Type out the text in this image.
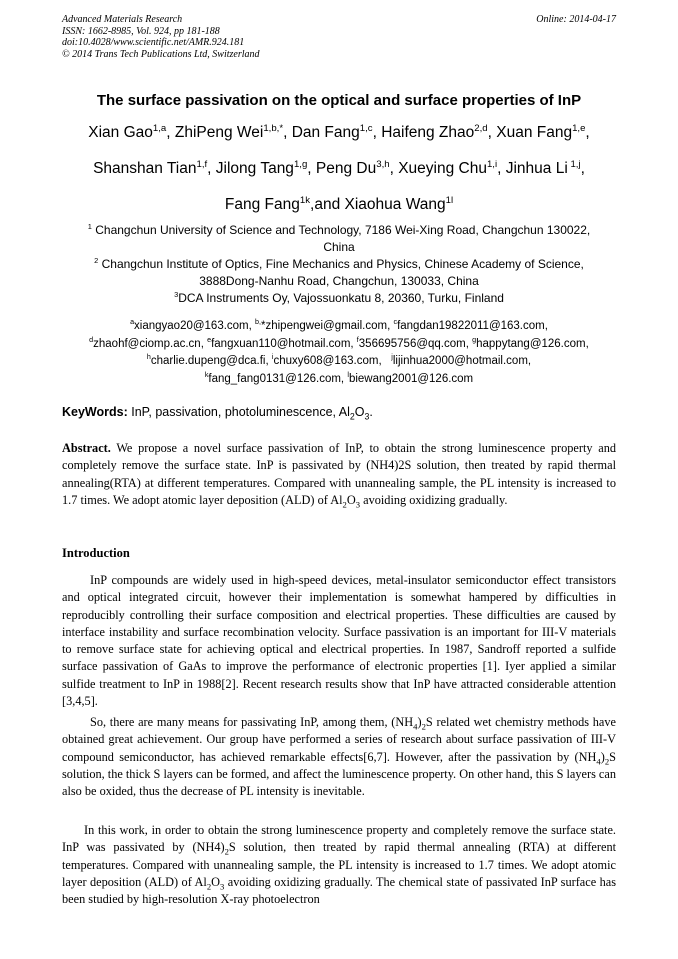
Advanced Materials Research
ISSN: 1662-8985, Vol. 924, pp 181-188
doi:10.4028/www.scientific.net/AMR.924.181
© 2014 Trans Tech Publications Ltd, Switzerland
Online: 2014-04-17
The surface passivation on the optical and surface properties of InP
Xian Gao$^{1,a}$, ZhiPeng Wei$^{1,b,*}$, Dan Fang$^{1,c}$, Haifeng Zhao$^{2,d}$, Xuan Fang$^{1,e}$,
Shanshan Tian$^{1,f}$, Jilong Tang$^{1,g}$, Peng Du$^{3,h}$, Xueying Chu$^{1,i}$, Jinhua Li $^{1,j}$,
Fang Fang$^{1k}$,and Xiaohua Wang$^{1l}$
$^1$ Changchun University of Science and Technology, 7186 Wei-Xing Road, Changchun 130022,
China
$^2$ Changchun Institute of Optics, Fine Mechanics and Physics, Chinese Academy of Science,
3888Dong-Nanhu Road, Changchun, 130033, China
$^3$DCA Instruments Oy, Vajossuonkatu 8, 20360, Turku, Finland
$^a$xiangyao20@163.com, $^{b,}$*zhipengwei@gmail.com, $^c$fangdan19822011@163.com,
$^d$zhaohf@ciomp.ac.cn, $^e$fangxuan110@hotmail.com, $^f$356695756@qq.com, $^g$happytang@126.com,
$^h$charlie.dupeng@dca.fi, $^i$chuxy608@163.com, $^j$lijinhua2000@hotmail.com,
$^k$fang_fang0131@126.com, $^l$biewang2001@126.com
KeyWords: InP, passivation, photoluminescence, $Al_2O_3$.
Abstract. We propose a novel surface passivation of InP, to obtain the strong luminescence property and completely remove the surface state. InP is passivated by (NH4)2S solution, then treated by rapid thermal annealing(RTA) at different temperatures. Compared with unannealing sample, the PL intensity is increased to 1.7 times. We adopt atomic layer deposition (ALD) of $Al_2O_3$ avoiding oxidizing gradually.
Introduction
InP compounds are widely used in high-speed devices, metal-insulator semiconductor effect transistors and optical integrated circuit, however their implementation is somewhat hampered by difficulties in reproducibly controlling their surface composition and electrical properties. These difficulties are caused by interface instability and surface recombination velocity. Surface passivation is an important for III-V materials to remove surface state for achieving optical and electrical properties. In 1987, Sandroff reported a sulfide surface passivation of GaAs to improve the performance of electronic properties [1]. Iyer applied a similar sulfide treatment to InP in 1988[2]. Recent research results show that InP have attracted considerable attention [3,4,5].
So, there are many means for passivating InP, among them, $(NH_4)_2S$ related wet chemistry methods have obtained great achievement. Our group have performed a series of research about surface passivation of III-V compound semiconductor, has achieved remarkable effects[6,7]. However, after the passivation by $(NH_4)_2S$ solution, the thick S layers can be formed, and affect the luminescence property. On other hand, this S layers can also be oxided, thus the decrease of PL intensity is inevitable.
In this work, in order to obtain the strong luminescence property and completely remove the surface state. InP was passivated by $(NH4)_2S$ solution, then treated by rapid thermal annealing (RTA) at different temperatures. Compared with unannealing sample, the PL intensity is increased to 1.7 times. We adopt atomic layer deposition (ALD) of $Al_2O_3$ avoiding oxidizing gradually. The chemical state of passivated InP surface has been studied by high-resolution X-ray photoelectron
